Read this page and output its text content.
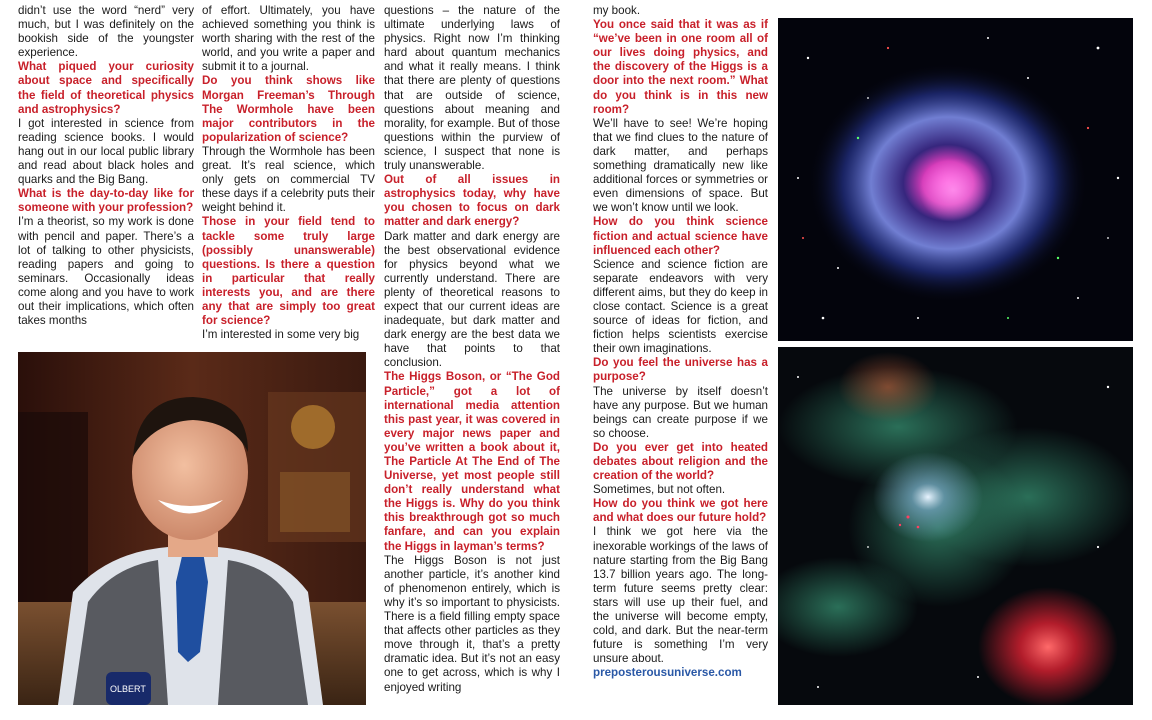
didn’t use the word “nerd” very much, but I was definitely on the bookish side of the youngster experience.

What piqued your curiosity about space and specifically the field of theoretical physics and astrophysics?

I got interested in science from reading science books. I would hang out in our local public library and read about black holes and quarks and the Big Bang.

What is the day-to-day like for someone with your profession?

I’m a theorist, so my work is done with pencil and paper. There’s a lot of talking to other physicists, reading papers and going to seminars. Occasionally ideas come along and you have to work out their implications, which often takes months

of effort. Ultimately, you have achieved something you think is worth sharing with the rest of the world, and you write a paper and submit it to a journal.

Do you think shows like Morgan Freeman’s Through The Wormhole have been major contributors in the popularization of science?

Through the Wormhole has been great. It’s real science, which only gets on commercial TV these days if a celebrity puts their weight behind it.

Those in your field tend to tackle some truly large (possibly unanswerable) questions. Is there a question in particular that really interests you, and are there any that are simply too great for science?

I’m interested in some very big

questions – the nature of the ultimate underlying laws of physics. Right now I’m thinking hard about quantum mechanics and what it really means. I think that there are plenty of questions that are outside of science, questions about meaning and morality, for example. But of those questions within the purview of science, I suspect that none is truly unanswerable.

Out of all issues in astrophysics today, why have you chosen to focus on dark matter and dark energy?

Dark matter and dark energy are the best observational evidence for physics beyond what we currently understand. There are plenty of theoretical reasons to expect that our current ideas are inadequate, but dark matter and dark energy are the best data we have that points to that conclusion.

The Higgs Boson, or “The God Particle,” got a lot of international media attention this past year, it was covered in every major news paper and you’ve written a book about it, The Particle At The End of The Universe, yet most people still don’t really understand what the Higgs is. Why do you think this breakthrough got so much fanfare, and can you explain the Higgs in layman’s terms?

The Higgs Boson is not just another particle, it’s another kind of phenomenon entirely, which is why it’s so important to physicists. There is a field filling empty space that affects other particles as they move through it, that’s a pretty dramatic idea. But it’s not an easy one to get across, which is why I enjoyed writing

my book.

You once said that it was as if “we’ve been in one room all of our lives doing physics, and the discovery of the Higgs is a door into the next room.” What do you think is in this new room?

We’ll have to see! We’re hoping that we find clues to the nature of dark matter, and perhaps something dramatically new like additional forces or symmetries or even dimensions of space. But we won’t know until we look.

How do you think science fiction and actual science have influenced each other?

Science and science fiction are separate endeavors with very different aims, but they do keep in close contact. Science is a great source of ideas for fiction, and fiction helps scientists exercise their own imaginations.

Do you feel the universe has a purpose?

The universe by itself doesn’t have any purpose. But we human beings can create purpose if we so choose.

Do you ever get into heated debates about religion and the creation of the world?

Sometimes, but not often.

How do you think we got here and what does our future hold?

I think we got here via the inexorable workings of the laws of nature starting from the Big Bang 13.7 billion years ago. The long-term future seems pretty clear: stars will use up their fuel, and the universe will become empty, cold, and dark. But the near-term future is something I’m very unsure about.

preposterousuniverse.com

OLBERT
